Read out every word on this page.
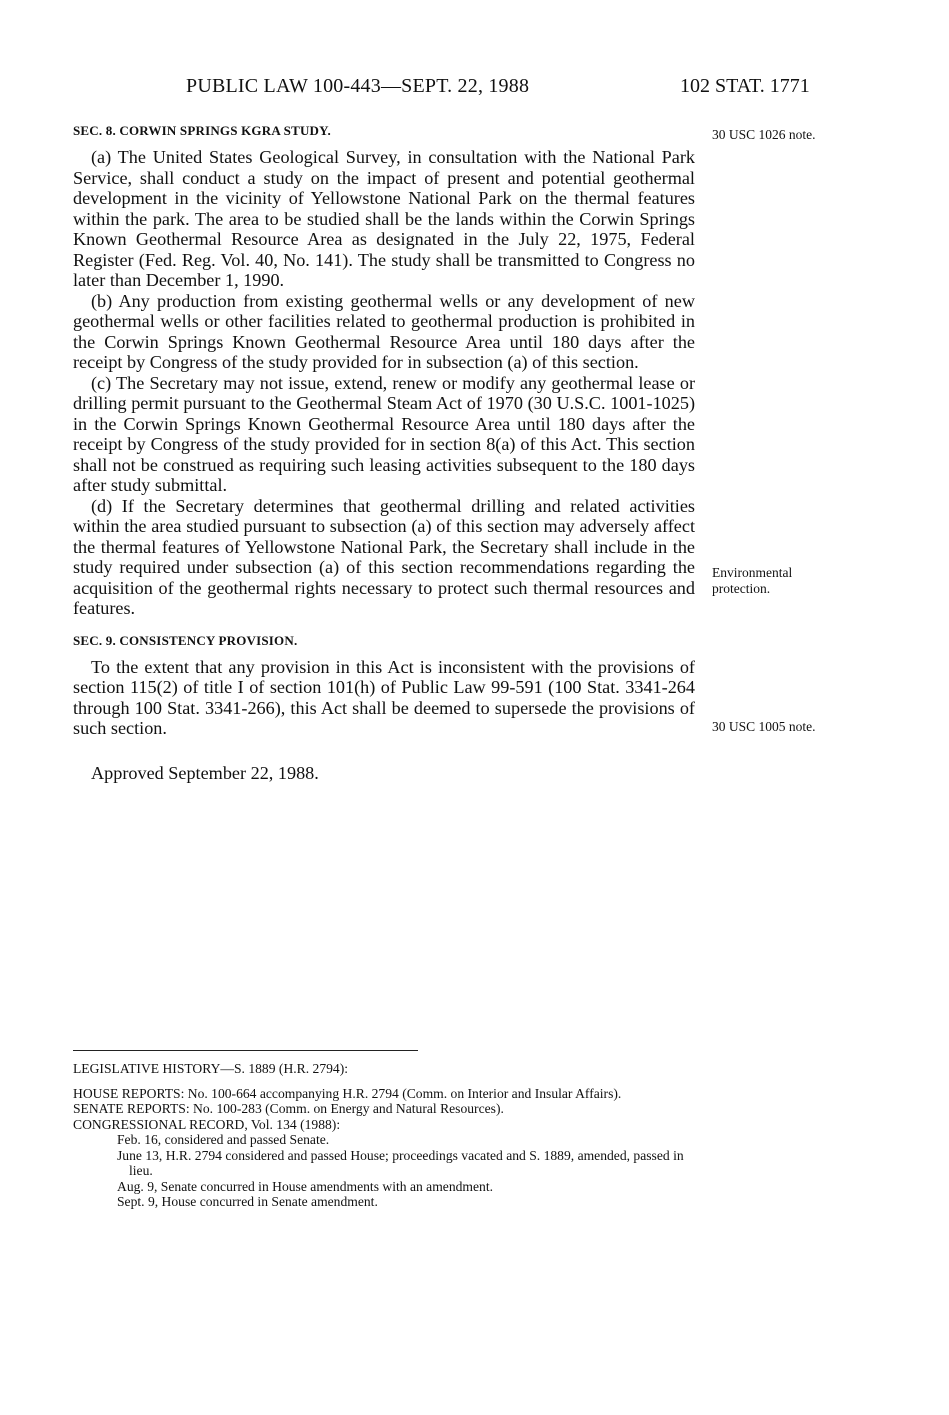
PUBLIC LAW 100-443—SEPT. 22, 1988	102 STAT. 1771
SEC. 8. CORWIN SPRINGS KGRA STUDY.

(a) The United States Geological Survey, in consultation with the National Park Service, shall conduct a study on the impact of present and potential geothermal development in the vicinity of Yellowstone National Park on the thermal features within the park. The area to be studied shall be the lands within the Corwin Springs Known Geothermal Resource Area as designated in the July 22, 1975, Federal Register (Fed. Reg. Vol. 40, No. 141). The study shall be transmitted to Congress no later than December 1, 1990.

(b) Any production from existing geothermal wells or any development of new geothermal wells or other facilities related to geothermal production is prohibited in the Corwin Springs Known Geothermal Resource Area until 180 days after the receipt by Congress of the study provided for in subsection (a) of this section.

(c) The Secretary may not issue, extend, renew or modify any geothermal lease or drilling permit pursuant to the Geothermal Steam Act of 1970 (30 U.S.C. 1001-1025) in the Corwin Springs Known Geothermal Resource Area until 180 days after the receipt by Congress of the study provided for in section 8(a) of this Act. This section shall not be construed as requiring such leasing activities subsequent to the 180 days after study submittal.

(d) If the Secretary determines that geothermal drilling and related activities within the area studied pursuant to subsection (a) of this section may adversely affect the thermal features of Yellowstone National Park, the Secretary shall include in the study required under subsection (a) of this section recommendations regarding the acquisition of the geothermal rights necessary to protect such thermal resources and features.

SEC. 9. CONSISTENCY PROVISION.

To the extent that any provision in this Act is inconsistent with the provisions of section 115(2) of title I of section 101(h) of Public Law 99-591 (100 Stat. 3341-264 through 100 Stat. 3341-266), this Act shall be deemed to supersede the provisions of such section.

Approved September 22, 1988.

30 USC 1026 note.
Environmental protection.
30 USC 1005 note.
LEGISLATIVE HISTORY—S. 1889 (H.R. 2794):

HOUSE REPORTS: No. 100-664 accompanying H.R. 2794 (Comm. on Interior and Insular Affairs).

SENATE REPORTS: No. 100-283 (Comm. on Energy and Natural Resources).

CONGRESSIONAL RECORD, Vol. 134 (1988):

Feb. 16, considered and passed Senate.

June 13, H.R. 2794 considered and passed House; proceedings vacated and S. 1889, amended, passed in lieu.

Aug. 9, Senate concurred in House amendments with an amendment.

Sept. 9, House concurred in Senate amendment.
